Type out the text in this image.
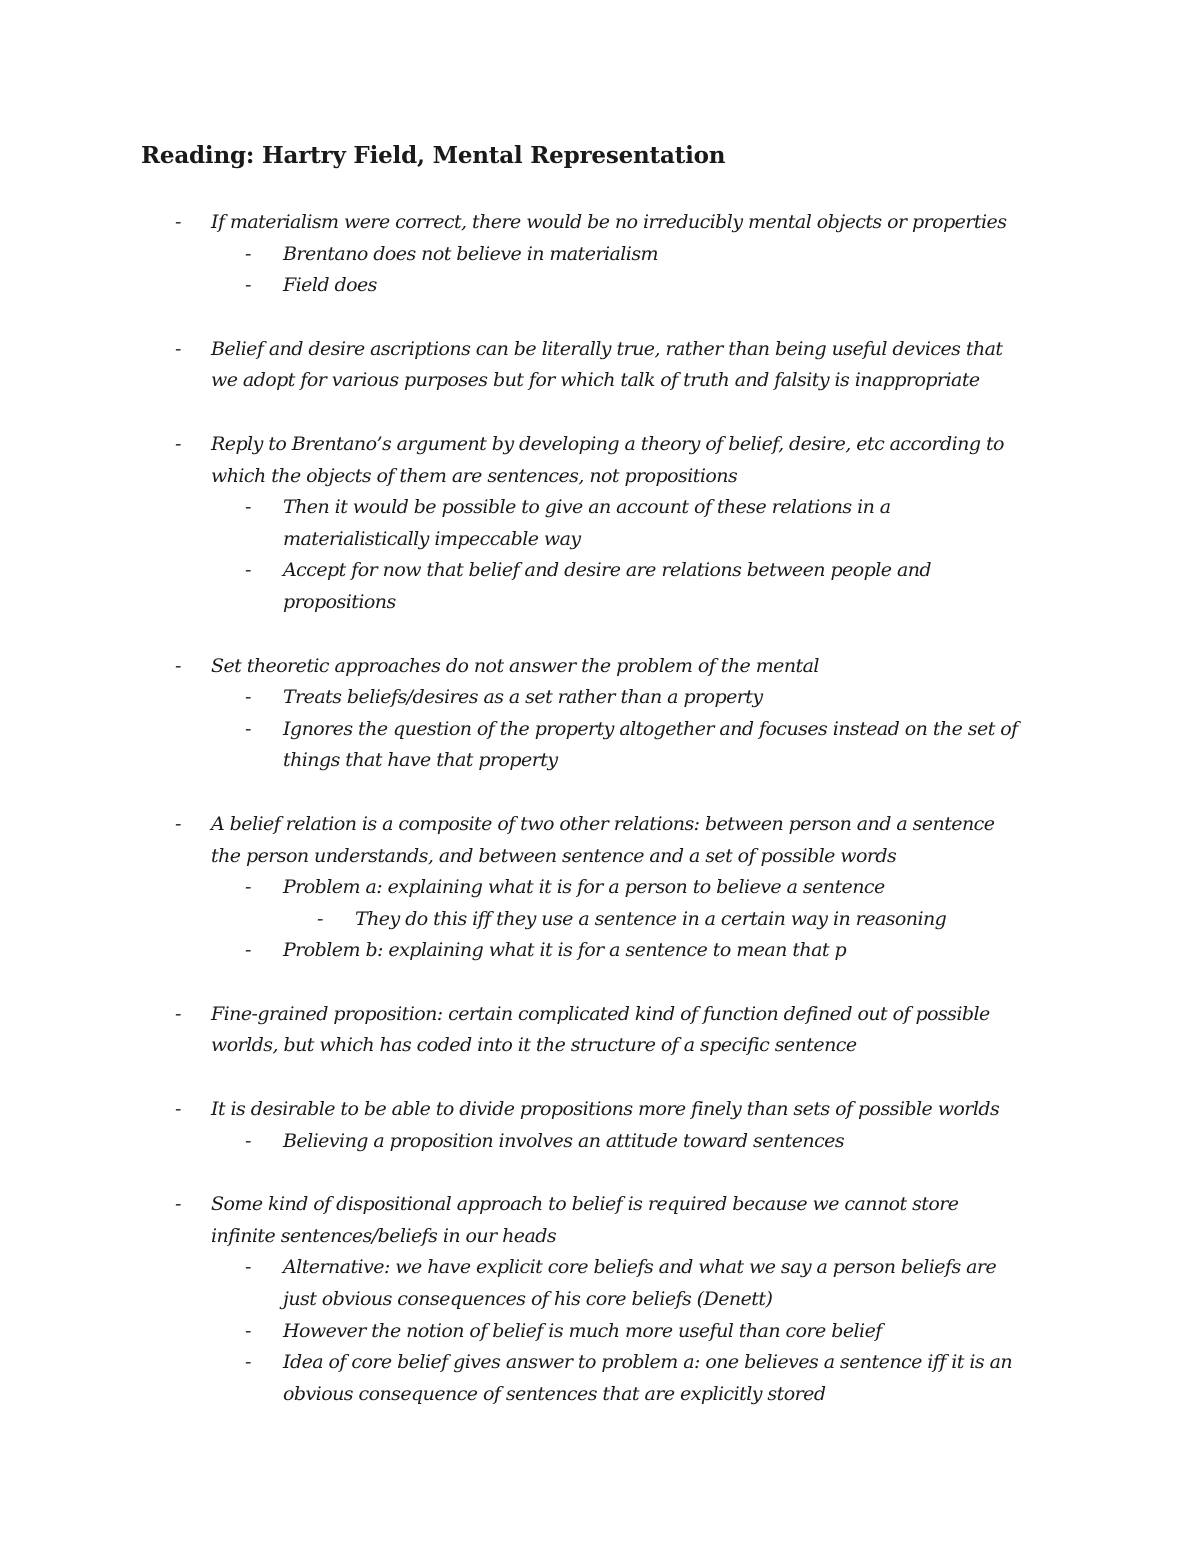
Reading: Hartry Field, Mental Representation
- If materialism were correct, there would be no irreducibly mental objects or properties
- Brentano does not believe in materialism
- Field does
- Belief and desire ascriptions can be literally true, rather than being useful devices that
we adopt for various purposes but for which talk of truth and falsity is inappropriate
- Reply to Brentano’s argument by developing a theory of belief, desire, etc according to
which the objects of them are sentences, not propositions
- Then it would be possible to give an account of these relations in a
materialistically impeccable way
- Accept for now that belief and desire are relations between people and
propositions
- Set theoretic approaches do not answer the problem of the mental
- Treats beliefs/desires as a set rather than a property
- Ignores the question of the property altogether and focuses instead on the set of
things that have that property
- A belief relation is a composite of two other relations: between person and a sentence
the person understands, and between sentence and a set of possible words
- Problem a: explaining what it is for a person to believe a sentence
- They do this iff they use a sentence in a certain way in reasoning
- Problem b: explaining what it is for a sentence to mean that p
- Fine-grained proposition: certain complicated kind of function defined out of possible
worlds, but which has coded into it the structure of a specific sentence
- It is desirable to be able to divide propositions more finely than sets of possible worlds
- Believing a proposition involves an attitude toward sentences
- Some kind of dispositional approach to belief is required because we cannot store
infinite sentences/beliefs in our heads
- Alternative: we have explicit core beliefs and what we say a person beliefs are
just obvious consequences of his core beliefs (Denett)
- However the notion of belief is much more useful than core belief
- Idea of core belief gives answer to problem a: one believes a sentence iff it is an
obvious consequence of sentences that are explicitly stored
